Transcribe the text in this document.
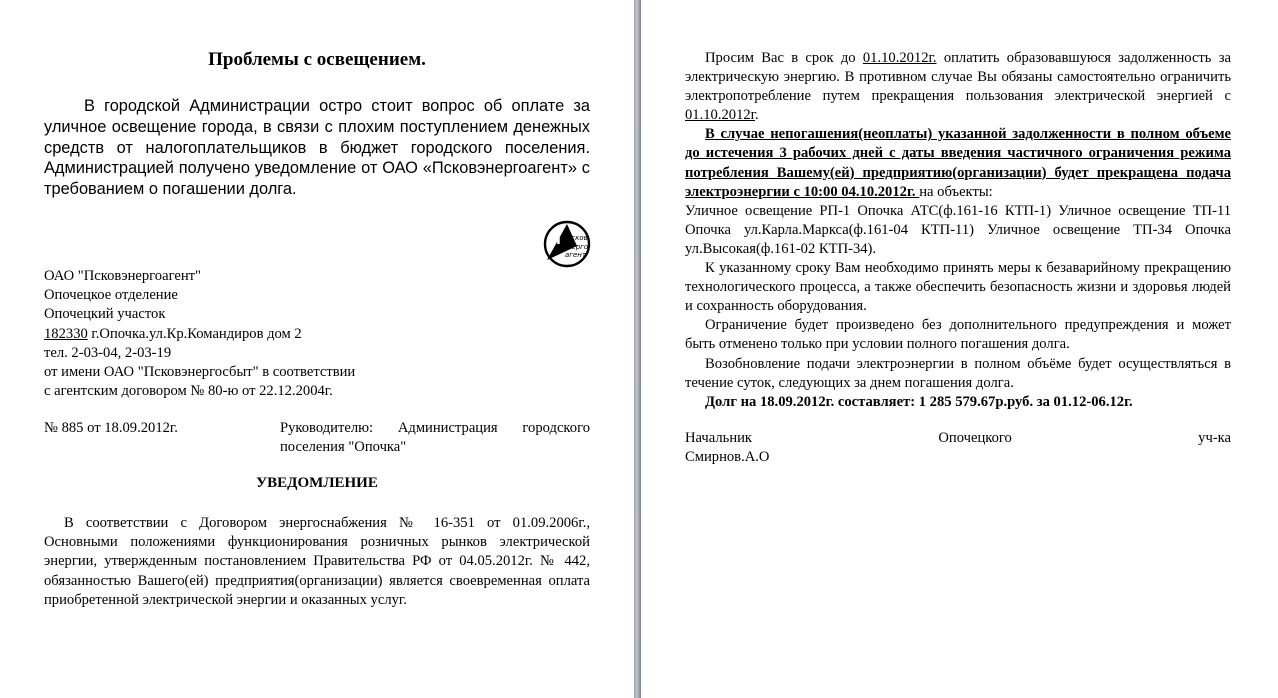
Проблемы с освещением.

В городской Администрации остро стоит вопрос об оплате за уличное освещение города, в связи с плохим поступлением денежных средств от налогоплательщиков в бюджет городского поселения. Администрацией получено уведомление от ОАО «Псковэнергоагент» с требованием о погашении долга.

П Псков
энерго
агент
ОАО "Псковэнергоагент"
Опочецкое отделение
Опочецкий участок
182330 г.Опочка.ул.Кр.Командиров дом 2
тел. 2-03-04, 2-03-19
от имени ОАО "Псковэнергосбыт" в соответствии
с агентским договором № 80-ю от 22.12.2004г.
№ 885 от 18.09.2012г.	Руководителю: Администрация городского поселения "Опочка"
УВЕДОМЛЕНИЕ

В соответствии с Договором энергоснабжения № 16-351 от 01.09.2006г., Основными положениями функционирования розничных рынков электрической энергии, утвержденным постановлением Правительства РФ от 04.05.2012г. № 442, обязанностью Вашего(ей) предприятия(организации) является своевременная оплата приобретенной электрической энергии и оказанных услуг.

Просим Вас в срок до 01.10.2012г. оплатить образовавшуюся задолженность за электрическую энергию. В противном случае Вы обязаны самостоятельно ограничить электропотребление путем прекращения пользования электрической энергией с 01.10.2012г.

В случае непогашения(неоплаты) указанной задолженности в полном объеме до истечения 3 рабочих дней с даты введения частичного ограничения режима потребления Вашему(ей) предприятию(организации) будет прекращена подача электроэнергии с 10:00 04.10.2012г. на объекты:

Уличное освещение РП-1 Опочка АТС(ф.161-16 КТП-1) Уличное освещение ТП-11 Опочка ул.Карла.Маркса(ф.161-04 КТП-11) Уличное освещение ТП-34 Опочка ул.Высокая(ф.161-02 КТП-34).

К указанному сроку Вам необходимо принять меры к безаварийному прекращению технологического процесса, а также обеспечить безопасность жизни и здоровья людей и сохранность оборудования.

Ограничение будет произведено без дополнительного предупреждения и может быть отменено только при условии полного погашения долга.

Возобновление подачи электроэнергии в полном объёме будет осуществляться в течение суток, следующих за днем погашения долга.

Долг на 18.09.2012г. составляет: 1 285 579.67р.руб. за 01.12-06.12г.

Начальник	Опочецкого	уч-ка
Смирнов.А.О
